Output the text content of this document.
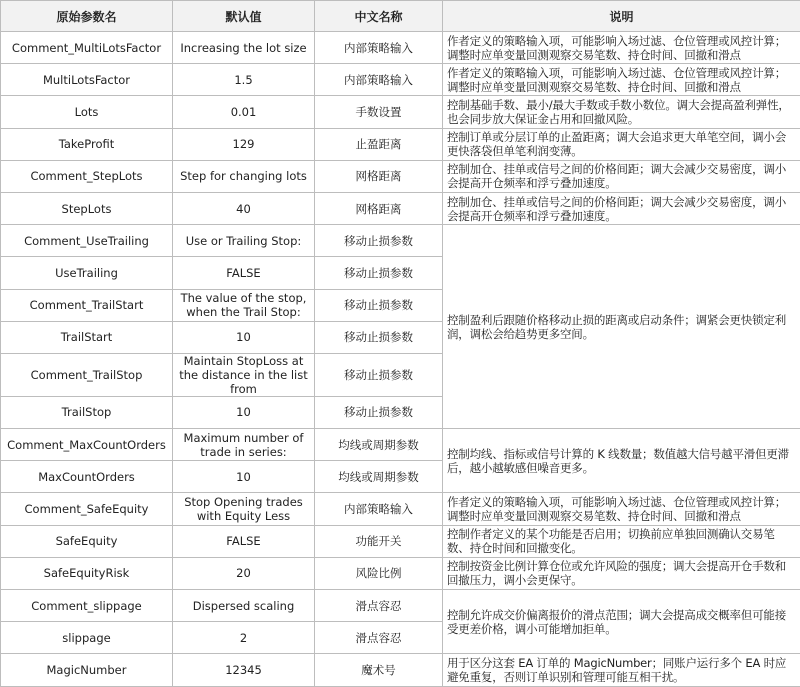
原始参数名	默认值	中文名称	说明
Comment_MultiLotsFactor	Increasing the lot size	内部策略输入	作者定义的策略输入项，可能影响入场过滤、仓位管理或风控计算；调整时应单变量回测观察交易笔数、持仓时间、回撤和滑点
MultiLotsFactor	1.5	内部策略输入	作者定义的策略输入项，可能影响入场过滤、仓位管理或风控计算；调整时应单变量回测观察交易笔数、持仓时间、回撤和滑点
Lots	0.01	手数设置	控制基础手数、最小/最大手数或手数小数位。调大会提高盈利弹性，也会同步放大保证金占用和回撤风险。
TakeProfit	129	止盈距离	控制订单或分层订单的止盈距离；调大会追求更大单笔空间，调小会更快落袋但单笔利润变薄。
Comment_StepLots	Step for changing lots	网格距离	控制加仓、挂单或信号之间的价格间距；调大会减少交易密度，调小会提高开仓频率和浮亏叠加速度。
StepLots	40	网格距离	控制加仓、挂单或信号之间的价格间距；调大会减少交易密度，调小会提高开仓频率和浮亏叠加速度。
Comment_UseTrailing	Use or Trailing Stop:	移动止损参数	控制盈利后跟随价格移动止损的距离或启动条件；调紧会更快锁定利润，调松会给趋势更多空间。
UseTrailing	FALSE	移动止损参数	
Comment_TrailStart	The value of the stop, when the Trail Stop:	移动止损参数	
TrailStart	10	移动止损参数	
Comment_TrailStop	Maintain StopLoss at the distance in the list from	移动止损参数	
TrailStop	10	移动止损参数	
Comment_MaxCountOrders	Maximum number of trade in series:	均线或周期参数	控制均线、指标或信号计算的 K 线数量；数值越大信号越平滑但更滞后，越小越敏感但噪音更多。
MaxCountOrders	10	均线或周期参数	
Comment_SafeEquity	Stop Opening trades with Equity Less	内部策略输入	作者定义的策略输入项，可能影响入场过滤、仓位管理或风控计算；调整时应单变量回测观察交易笔数、持仓时间、回撤和滑点
SafeEquity	FALSE	功能开关	控制作者定义的某个功能是否启用；切换前应单独回测确认交易笔数、持仓时间和回撤变化。
SafeEquityRisk	20	风险比例	控制按资金比例计算仓位或允许风险的强度；调大会提高开仓手数和回撤压力，调小会更保守。
Comment_slippage	Dispersed scaling	滑点容忍	控制允许成交价偏离报价的滑点范围；调大会提高成交概率但可能接受更差价格，调小可能增加拒单。
slippage	2	滑点容忍	
MagicNumber	12345	魔术号	用于区分这套 EA 订单的 MagicNumber；同账户运行多个 EA 时应避免重复，否则订单识别和管理可能互相干扰。
